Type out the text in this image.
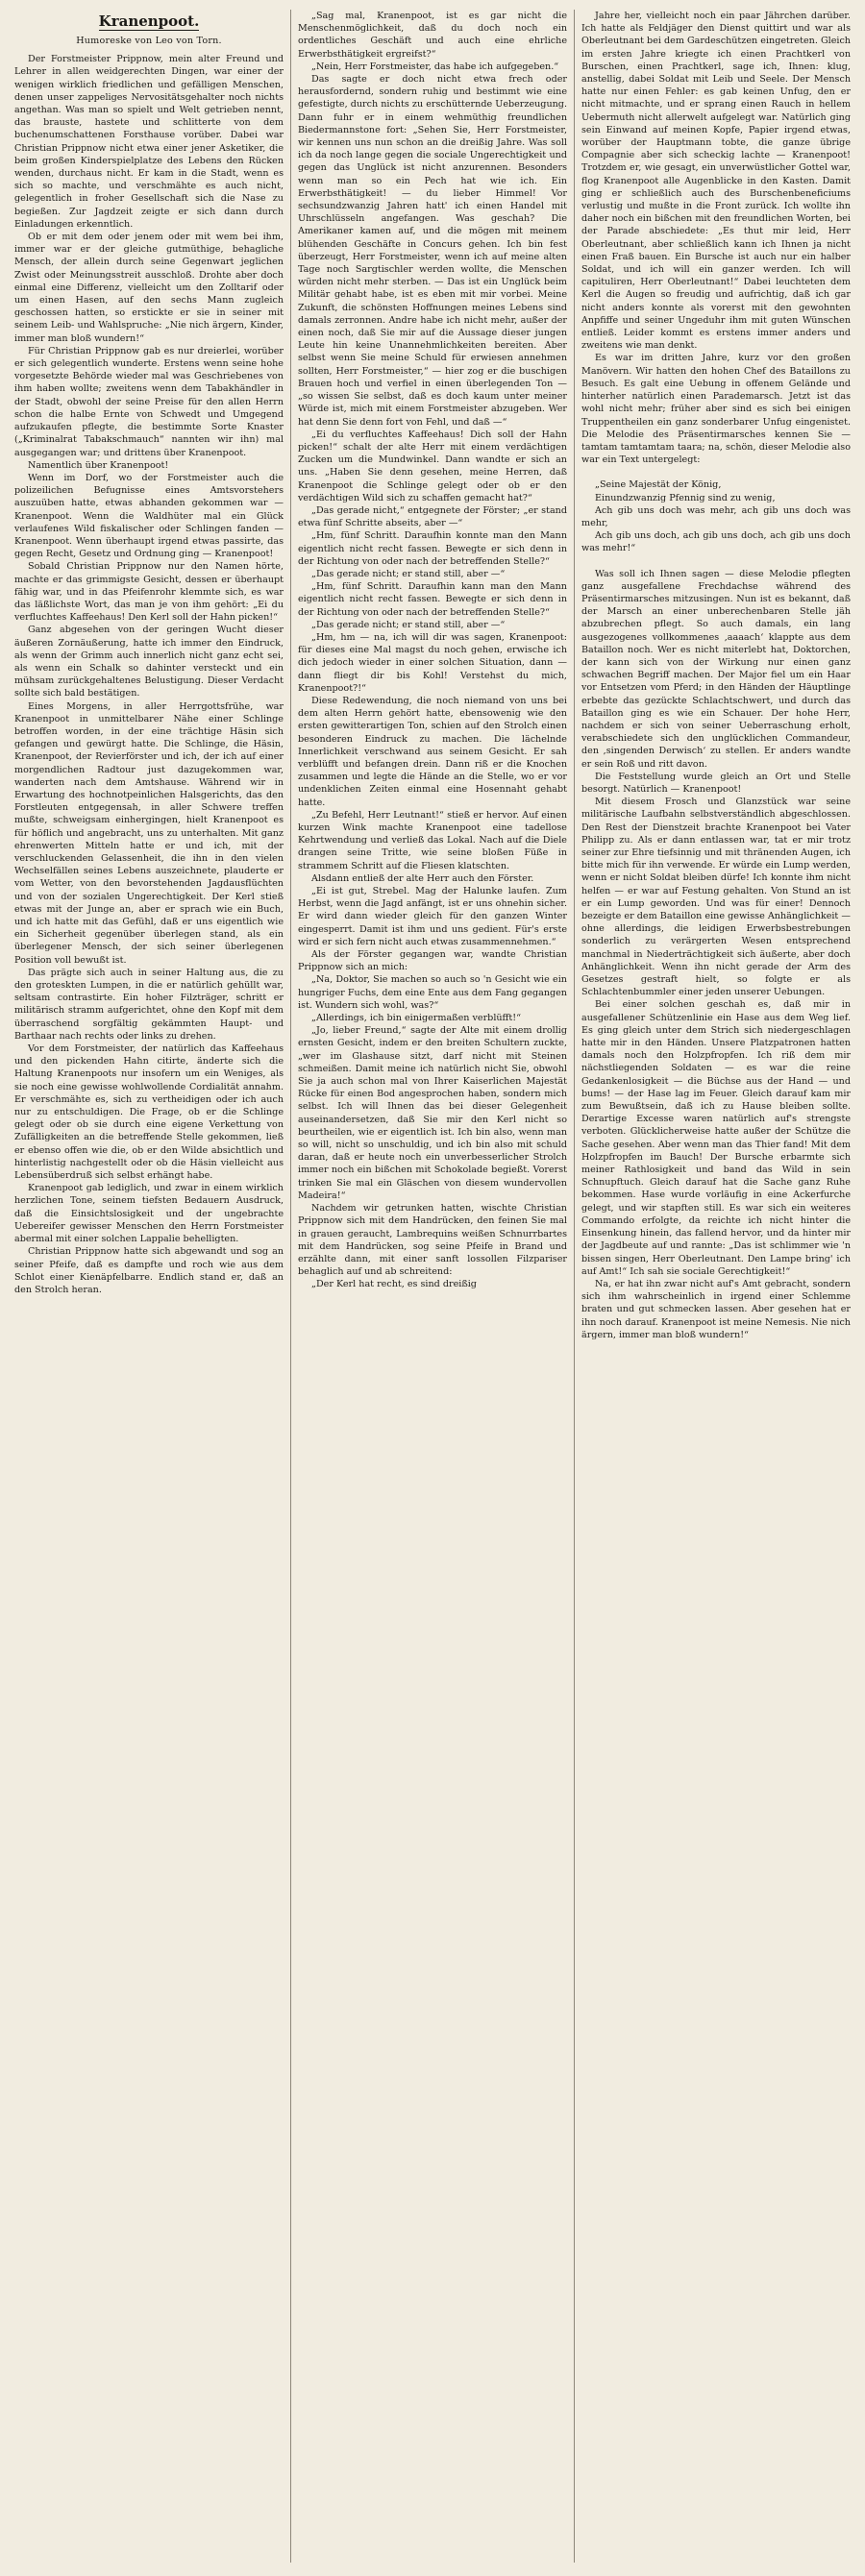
Kranenpoot.
Humoreske von Leo von Torn.

Der Forstmeister Prippnow, mein alter Freund und Lehrer in allen weidgerechten Dingen, war einer der wenigen wirklich friedlichen und gefälligen Menschen, denen unser zappeliges Nervositätsgehalter noch nichts angethan. Was man so spielt und Welt getrieben nennt, das brauste, hastete und schlitterte von dem buchenumschattenen Forsthause vorüber. Dabei war Christian Prippnow nicht etwa einer jener Asketiker, die beim großen Kinderspielplatze des Lebens den Rücken wenden, durchaus nicht. Er kam in die Stadt, wenn es sich so machte, und verschmähte es auch nicht, gelegentlich in froher Gesellschaft sich die Nase zu begießen. Zur Jagdzeit zeigte er sich dann durch Einladungen erkenntlich.

Ob er mit dem oder jenem oder mit wem bei ihm, immer war er der gleiche gutmüthige, behagliche Mensch, der allein durch seine Gegenwart jeglichen Zwist oder Meinungsstreit ausschloß. Drohte aber doch einmal eine Differenz, vielleicht um den Zolltarif oder um einen Hasen, auf den sechs Mann zugleich geschossen hatten, so erstickte er sie in seiner mit seinem Leib- und Wahlspruche: „Nie nich ärgern, Kinder, immer man bloß wundern!“

Für Christian Prippnow gab es nur dreierlei, worüber er sich gelegentlich wunderte. Erstens wenn seine hohe vorgesetzte Behörde wieder mal was Geschriebenes von ihm haben wollte; zweitens wenn dem Tabakhändler in der Stadt, obwohl der seine Preise für den allen Herrn schon die halbe Ernte von Schwedt und Umgegend aufzukaufen pflegte, die bestimmte Sorte Knaster („Kriminalrat Tabakschmauch“ nannten wir ihn) mal ausgegangen war; und drittens über Kranenpoot.

Namentlich über Kranenpoot!

Wenn im Dorf, wo der Forstmeister auch die polizeilichen Befugnisse eines Amtsvorstehers auszuüben hatte, etwas abhanden gekommen war — Kranenpoot. Wenn die Waldhüter mal ein Glück verlaufenes Wild fiskalischer oder Schlingen fanden — Kranenpoot. Wenn überhaupt irgend etwas passirte, das gegen Recht, Gesetz und Ordnung ging — Kranenpoot!

Sobald Christian Prippnow nur den Namen hörte, machte er das grimmigste Gesicht, dessen er überhaupt fähig war, und in das Pfeifenrohr klemmte sich, es war das läßlichste Wort, das man je von ihm gehört: „Ei du verfluchtes Kaffeehaus! Den Kerl soll der Hahn picken!“

Ganz abgesehen von der geringen Wucht dieser äußeren Zornäußerung, hatte ich immer den Eindruck, als wenn der Grimm auch innerlich nicht ganz echt sei, als wenn ein Schalk so dahinter versteckt und ein mühsam zurückgehaltenes Belustigung. Dieser Verdacht sollte sich bald bestätigen.

Eines Morgens, in aller Herrgottsfrühe, war Kranenpoot in unmittelbarer Nähe einer Schlinge betroffen worden, in der eine trächtige Häsin sich gefangen und gewürgt hatte. Die Schlinge, die Häsin, Kranenpoot, der Revierförster und ich, der ich auf einer morgendlichen Radtour just dazugekommen war, wanderten nach dem Amtshause. Während wir in Erwartung des hochnotpeinlichen Halsgerichts, das den Forstleuten entgegensah, in aller Schwere treffen mußte, schweigsam einhergingen, hielt Kranenpoot es für höflich und angebracht, uns zu unterhalten. Mit ganz ehrenwerten Mitteln hatte er und ich, mit der verschluckenden Gelassenheit, die ihn in den vielen Wechselfällen seines Lebens auszeichnete, plauderte er vom Wetter, von den bevorstehenden Jagdausflüchten und von der sozialen Ungerechtigkeit. Der Kerl stieß etwas mit der Junge an, aber er sprach wie ein Buch, und ich hatte mit das Gefühl, daß er uns eigentlich wie ein Sicherheit gegenüber überlegen stand, als ein überlegener Mensch, der sich seiner überlegenen Position voll bewußt ist.

Das prägte sich auch in seiner Haltung aus, die zu den groteskten Lumpen, in die er natürlich gehüllt war, seltsam contrastirte. Ein hoher Filzträger, schritt er militärisch stramm aufgerichtet, ohne den Kopf mit dem überraschend sorgfältig gekämmten Haupt- und Barthaar nach rechts oder links zu drehen.

Vor dem Forstmeister, der natürlich das Kaffeehaus und den pickenden Hahn citirte, änderte sich die Haltung Kranenpoots nur insofern um ein Weniges, als sie noch eine gewisse wohlwollende Cordialität annahm. Er verschmähte es, sich zu vertheidigen oder ich auch nur zu entschuldigen. Die Frage, ob er die Schlinge gelegt oder ob sie durch eine eigene Verkettung von Zufälligkeiten an die betreffende Stelle gekommen, ließ er ebenso offen wie die, ob er den Wilde absichtlich und hinterlistig nachgestellt oder ob die Häsin vielleicht aus Lebensüberdruß sich selbst erhängt habe.

Kranenpoot gab lediglich, und zwar in einem wirklich herzlichen Tone, seinem tiefsten Bedauern Ausdruck, daß die Einsichtslosigkeit und der ungebrachte Uebereifer gewisser Menschen den Herrn Forstmeister abermal mit einer solchen Lappalie behelligten.

Christian Prippnow hatte sich abgewandt und sog an seiner Pfeife, daß es dampfte und roch wie aus dem Schlot einer Kienäpfelbarre. Endlich stand er, daß an den Strolch heran.

„Sag mal, Kranenpoot, ist es gar nicht die Menschenmöglichkeit, daß du doch noch ein ordentliches Geschäft und auch eine ehrliche Erwerbsthätigkeit ergreifst?“

„Nein, Herr Forstmeister, das habe ich aufgegeben.“

Das sagte er doch nicht etwa frech oder herausfordernd, sondern ruhig und bestimmt wie eine gefestigte, durch nichts zu erschütternde Ueberzeugung. Dann fuhr er in einem wehmüthig freundlichen Biedermannstone fort: „Sehen Sie, Herr Forstmeister, wir kennen uns nun schon an die dreißig Jahre. Was soll ich da noch lange gegen die sociale Ungerechtigkeit und gegen das Unglück ist nicht anzurennen. Besonders wenn man so ein Pech hat wie ich. Ein Erwerbsthätigkeit! — du lieber Himmel! Vor sechsundzwanzig Jahren hatt' ich einen Handel mit Uhrschlüsseln angefangen. Was geschah? Die Amerikaner kamen auf, und die mögen mit meinem blühenden Geschäfte in Concurs gehen. Ich bin fest überzeugt, Herr Forstmeister, wenn ich auf meine alten Tage noch Sargtischler werden wollte, die Menschen würden nicht mehr sterben. — Das ist ein Unglück beim Militär gehabt habe, ist es eben mit mir vorbei. Meine Zukunft, die schönsten Hoffnungen meines Lebens sind damals zerronnen. Andre habe ich nicht mehr, außer der einen noch, daß Sie mir auf die Aussage dieser jungen Leute hin keine Unannehmlichkeiten bereiten. Aber selbst wenn Sie meine Schuld für erwiesen annehmen sollten, Herr Forstmeister,“ — hier zog er die buschigen Brauen hoch und verfiel in einen überlegenden Ton — „so wissen Sie selbst, daß es doch kaum unter meiner Würde ist, mich mit einem Forstmeister abzugeben. Wer hat denn Sie denn fort von Fehl, und daß —“

„Ei du verfluchtes Kaffeehaus! Dich soll der Hahn picken!“ schalt der alte Herr mit einem verdächtigen Zucken um die Mundwinkel. Dann wandte er sich an uns. „Haben Sie denn gesehen, meine Herren, daß Kranenpoot die Schlinge gelegt oder ob er den verdächtigen Wild sich zu schaffen gemacht hat?“

„Das gerade nicht,“ entgegnete der Förster; „er stand etwa fünf Schritte abseits, aber —“

„Hm, fünf Schritt. Daraufhin konnte man den Mann eigentlich nicht recht fassen. Bewegte er sich denn in der Richtung von oder nach der betreffenden Stelle?“

„Das gerade nicht; er stand still, aber —“

„Hm, fünf Schritt. Daraufhin kann man den Mann eigentlich nicht recht fassen. Bewegte er sich denn in der Richtung von oder nach der betreffenden Stelle?“

„Das gerade nicht; er stand still, aber —“

„Hm, hm — na, ich will dir was sagen, Kranenpoot: für dieses eine Mal magst du noch gehen, erwische ich dich jedoch wieder in einer solchen Situation, dann — dann fliegt dir bis Kohl! Verstehst du mich, Kranenpoot?!“

Diese Redewendung, die noch niemand von uns bei dem alten Herrn gehört hatte, ebensowenig wie den ersten gewitterartigen Ton, schien auf den Strolch einen besonderen Eindruck zu machen. Die lächelnde Innerlichkeit verschwand aus seinem Gesicht. Er sah verblüfft und befangen drein. Dann riß er die Knochen zusammen und legte die Hände an die Stelle, wo er vor undenklichen Zeiten einmal eine Hosennaht gehabt hatte.

„Zu Befehl, Herr Leutnant!“ stieß er hervor. Auf einen kurzen Wink machte Kranenpoot eine tadellose Kehrtwendung und verließ das Lokal. Nach auf die Diele drangen seine Tritte, wie seine bloßen Füße in strammem Schritt auf die Fliesen klatschten.

Alsdann entließ der alte Herr auch den Förster.

„Ei ist gut, Strebel. Mag der Halunke laufen. Zum Herbst, wenn die Jagd anfängt, ist er uns ohnehin sicher. Er wird dann wieder gleich für den ganzen Winter eingesperrt. Damit ist ihm und uns gedient. Für's erste wird er sich fern nicht auch etwas zusammennehmen.“

Als der Förster gegangen war, wandte Christian Prippnow sich an mich:

„Na, Doktor, Sie machen so auch so 'n Gesicht wie ein hungriger Fuchs, dem eine Ente aus dem Fang gegangen ist. Wundern sich wohl, was?“

„Allerdings, ich bin einigermaßen verblüfft!“

„Jo, lieber Freund,“ sagte der Alte mit einem drollig ernsten Gesicht, indem er den breiten Schultern zuckte, „wer im Glashause sitzt, darf nicht mit Steinen schmeißen. Damit meine ich natürlich nicht Sie, obwohl Sie ja auch schon mal von Ihrer Kaiserlichen Majestät Rücke für einen Bod angesprochen haben, sondern mich selbst. Ich will Ihnen das bei dieser Gelegenheit auseinandersetzen, daß Sie mir den Kerl nicht so beurtheilen, wie er eigentlich ist. Ich bin also, wenn man so will, nicht so unschuldig, und ich bin also mit schuld daran, daß er heute noch ein unverbesserlicher Strolch immer noch ein bißchen mit Schokolade begießt. Vorerst trinken Sie mal ein Gläschen von diesem wundervollen Madeira!“

Nachdem wir getrunken hatten, wischte Christian Prippnow sich mit dem Handrücken, den feinen Sie mal in grauen geraucht, Lambrequins weißen Schnurrbartes mit dem Handrücken, sog seine Pfeife in Brand und erzählte dann, mit einer sanft lossollen Filzpariser behaglich auf und ab schreitend:

„Der Kerl hat recht, es sind dreißig

Jahre her, vielleicht noch ein paar Jährchen darüber. Ich hatte als Feldjäger den Dienst quittirt und war als Oberleutnant bei dem Gardeschützen eingetreten. Gleich im ersten Jahre kriegte ich einen Prachtkerl von Burschen, einen Prachtkerl, sage ich, Ihnen: klug, anstellig, dabei Soldat mit Leib und Seele. Der Mensch hatte nur einen Fehler: es gab keinen Unfug, den er nicht mitmachte, und er sprang einen Rauch in hellem Uebermuth nicht allerwelt aufgelegt war. Natürlich ging sein Einwand auf meinen Kopfe, Papier irgend etwas, worüber der Hauptmann tobte, die ganze übrige Compagnie aber sich scheckig lachte — Kranenpoot! Trotzdem er, wie gesagt, ein unverwüstlicher Gottel war, flog Kranenpoot alle Augenblicke in den Kasten. Damit ging er schließlich auch des Burschenbeneficiums verlustig und mußte in die Front zurück. Ich wollte ihn daher noch ein bißchen mit den freundlichen Worten, bei der Parade abschiedete: „Es thut mir leid, Herr Oberleutnant, aber schließlich kann ich Ihnen ja nicht einen Fraß bauen. Ein Bursche ist auch nur ein halber Soldat, und ich will ein ganzer werden. Ich will capituliren, Herr Oberleutnant!“ Dabei leuchteten dem Kerl die Augen so freudig und aufrichtig, daß ich gar nicht anders konnte als vorerst mit den gewohnten Anpfiffe und seiner Ungeduhr ihm mit guten Wünschen entließ. Leider kommt es erstens immer anders und zweitens wie man denkt.

Es war im dritten Jahre, kurz vor den großen Manövern. Wir hatten den hohen Chef des Bataillons zu Besuch. Es galt eine Uebung in offenem Gelände und hinterher natürlich einen Parademarsch. Jetzt ist das wohl nicht mehr; früher aber sind es sich bei einigen Truppentheilen ein ganz sonderbarer Unfug eingenistet. Die Melodie des Präsentirmarsches kennen Sie — tamtam tamtamtam taara; na, schön, dieser Melodie also war ein Text untergelegt:

„Seine Majestät der König,

Einundzwanzig Pfennig sind zu wenig,

Ach gib uns doch was mehr, ach gib uns doch was mehr,

Ach gib uns doch, ach gib uns doch, ach gib uns doch was mehr!“

Was soll ich Ihnen sagen — diese Melodie pflegten ganz ausgefallene Frechdachse während des Präsentirmarsches mitzusingen. Nun ist es bekannt, daß der Marsch an einer unberechenbaren Stelle jäh abzubrechen pflegt. So auch damals, ein lang ausgezogenes vollkommenes ,aaaach‘ klappte aus dem Bataillon noch. Wer es nicht miterlebt hat, Doktorchen, der kann sich von der Wirkung nur einen ganz schwachen Begriff machen. Der Major fiel um ein Haar vor Entsetzen vom Pferd; in den Händen der Häuptlinge erbebte das gezückte Schlachtschwert, und durch das Bataillon ging es wie ein Schauer. Der hohe Herr, nachdem er sich von seiner Ueberraschung erholt, verabschiedete sich den unglücklichen Commandeur, den ,singenden Derwisch‘ zu stellen. Er anders wandte er sein Roß und ritt davon.

Die Feststellung wurde gleich an Ort und Stelle besorgt. Natürlich — Kranenpoot!

Mit diesem Frosch und Glanzstück war seine militärische Laufbahn selbstverständlich abgeschlossen. Den Rest der Dienstzeit brachte Kranenpoot bei Vater Philipp zu. Als er dann entlassen war, tat er mir trotz seiner zur Ehre tiefsinnig und mit thränenden Augen, ich bitte mich für ihn verwende. Er würde ein Lump werden, wenn er nicht Soldat bleiben dürfe! Ich konnte ihm nicht helfen — er war auf Festung gehalten. Von Stund an ist er ein Lump geworden. Und was für einer! Dennoch bezeigte er dem Bataillon eine gewisse Anhänglichkeit — ohne allerdings, die leidigen Erwerbsbestrebungen sonderlich zu verärgerten Wesen entsprechend manchmal in Niederträchtigkeit sich äußerte, aber doch Anhänglichkeit. Wenn ihn nicht gerade der Arm des Gesetzes gestraft hielt, so folgte er als Schlachtenbummler einer jeden unserer Uebungen.

Bei einer solchen geschah es, daß mir in ausgefallener Schützenlinie ein Hase aus dem Weg lief. Es ging gleich unter dem Strich sich niedergeschlagen hatte mir in den Händen. Unsere Platzpatronen hatten damals noch den Holzpfropfen. Ich riß dem mir nächstliegenden Soldaten — es war die reine Gedankenlosigkeit — die Büchse aus der Hand — und bums! — der Hase lag im Feuer. Gleich darauf kam mir zum Bewußtsein, daß ich zu Hause bleiben sollte. Derartige Excesse waren natürlich auf's strengste verboten. Glücklicherweise hatte außer der Schütze die Sache gesehen. Aber wenn man das Thier fand! Mit dem Holzpfropfen im Bauch! Der Bursche erbarmte sich meiner Rathlosigkeit und band das Wild in sein Schnupftuch. Gleich darauf hat die Sache ganz Ruhe bekommen. Hase wurde vorläufig in eine Ackerfurche gelegt, und wir stapften still. Es war sich ein weiteres Commando erfolgte, da reichte ich nicht hinter die Einsenkung hinein, das fallend hervor, und da hinter mir der Jagdbeute auf und rannte: „Das ist schlimmer wie 'n bissen singen, Herr Oberleutnant. Den Lampe bring' ich auf Amt!“ Ich sah sie sociale Gerechtigkeit!“

Na, er hat ihn zwar nicht auf's Amt gebracht, sondern sich ihm wahrscheinlich in irgend einer Schlemme braten und gut schmecken lassen. Aber gesehen hat er ihn noch darauf. Kranenpoot ist meine Nemesis. Nie nich ärgern, immer man bloß wundern!“
